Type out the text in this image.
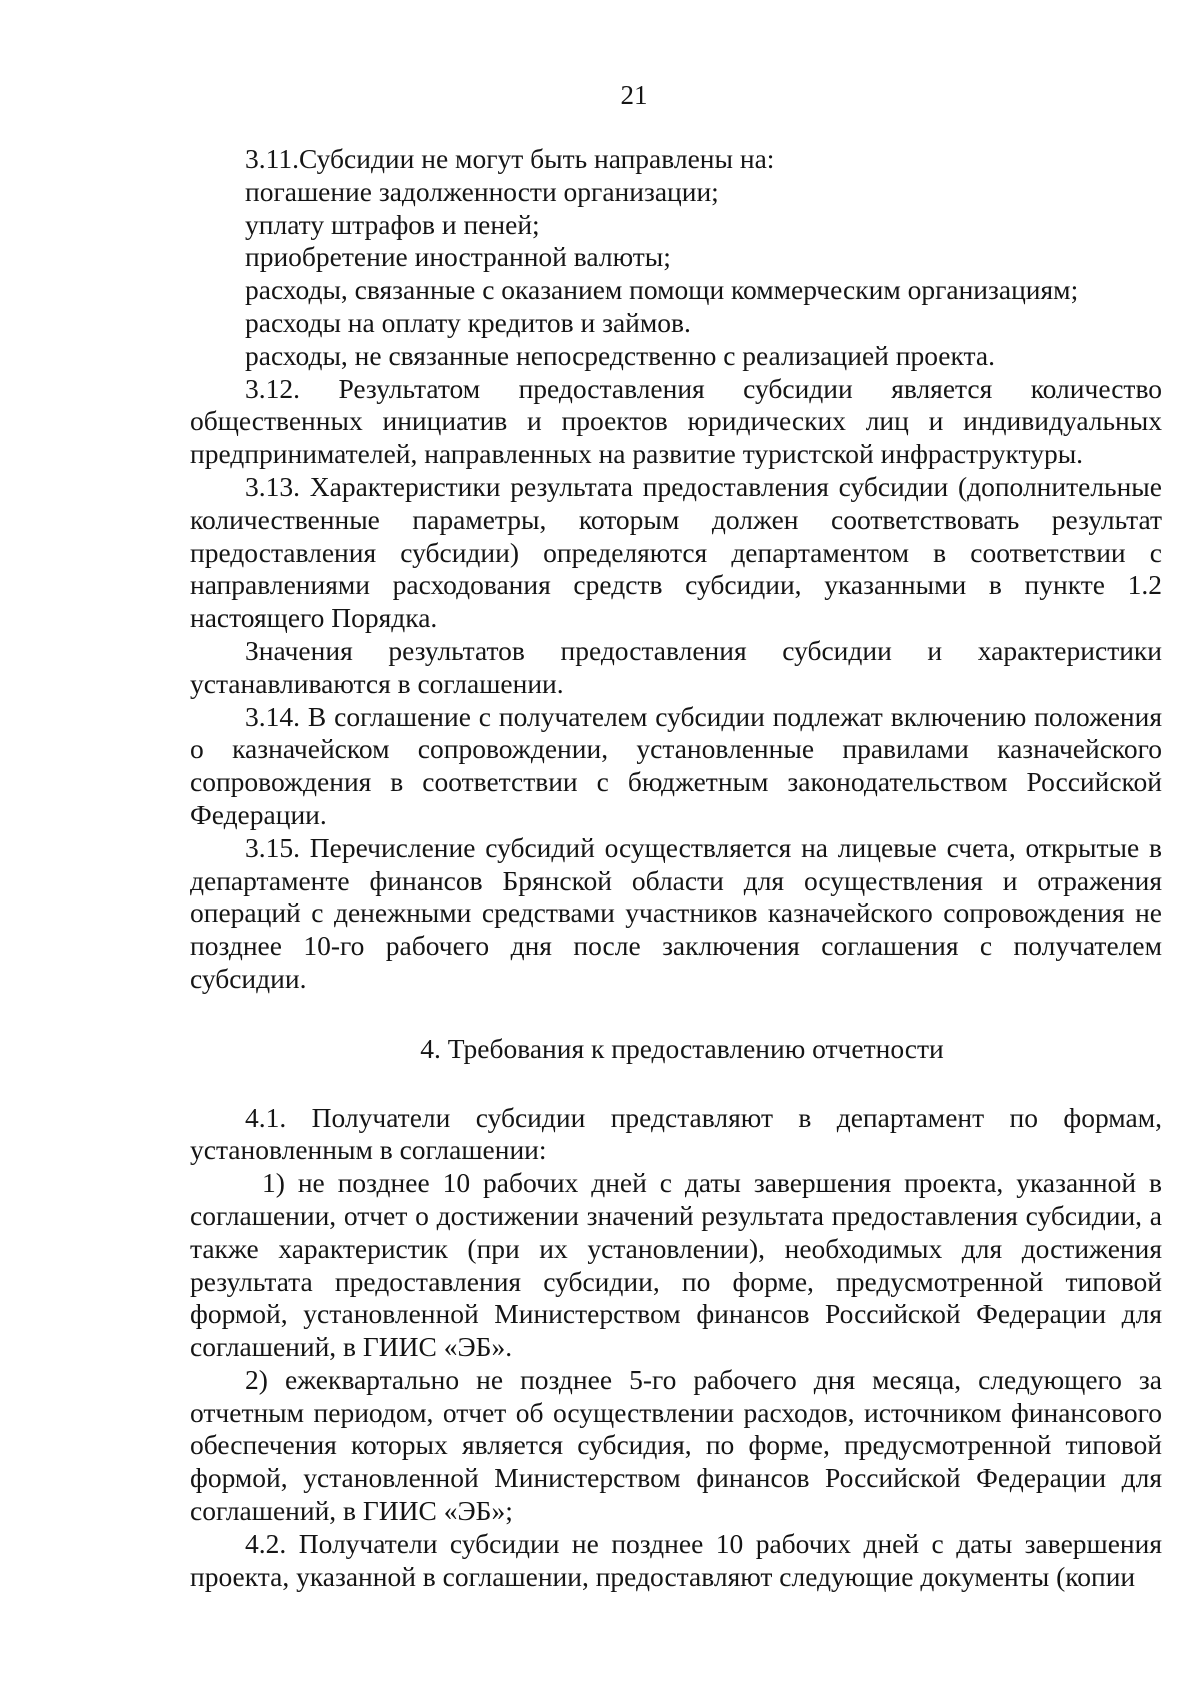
21

3.11.Субсидии не могут быть направлены на:

погашение задолженности организации;

уплату штрафов и пеней;

приобретение иностранной валюты;

расходы, связанные с оказанием помощи коммерческим организациям;

расходы на оплату кредитов и займов.

расходы, не связанные непосредственно с реализацией проекта.

3.12. Результатом предоставления субсидии является количество общественных инициатив и проектов юридических лиц и индивидуальных предпринимателей, направленных на развитие туристской инфраструктуры.

3.13. Характеристики результата предоставления субсидии (дополнительные количественные параметры, которым должен соответствовать результат предоставления субсидии) определяются департаментом в соответствии с направлениями расходования средств субсидии, указанными в пункте 1.2 настоящего Порядка.

Значения результатов предоставления субсидии и характеристики устанавливаются в соглашении.

3.14. В соглашение с получателем субсидии подлежат включению положения о казначейском сопровождении, установленные правилами казначейского сопровождения в соответствии с бюджетным законодательством Российской Федерации.

3.15. Перечисление субсидий осуществляется на лицевые счета, открытые в департаменте финансов Брянской области для осуществления и отражения операций с денежными средствами участников казначейского сопровождения не позднее 10-го рабочего дня после заключения соглашения с получателем субсидии.

4. Требования к предоставлению отчетности

4.1. Получатели субсидии представляют в департамент по формам, установленным в соглашении:

1) не позднее 10 рабочих дней с даты завершения проекта, указанной в соглашении, отчет о достижении значений результата предоставления субсидии, а также характеристик (при их установлении), необходимых для достижения результата предоставления субсидии, по форме, предусмотренной типовой формой, установленной Министерством финансов Российской Федерации для соглашений, в ГИИС «ЭБ».

2) ежеквартально не позднее 5-го рабочего дня месяца, следующего за отчетным периодом, отчет об осуществлении расходов, источником финансового обеспечения которых является субсидия, по форме, предусмотренной типовой формой, установленной Министерством финансов Российской Федерации для соглашений, в ГИИС «ЭБ»;

4.2. Получатели субсидии не позднее 10 рабочих дней с даты завершения проекта, указанной в соглашении, предоставляют следующие документы (копии
